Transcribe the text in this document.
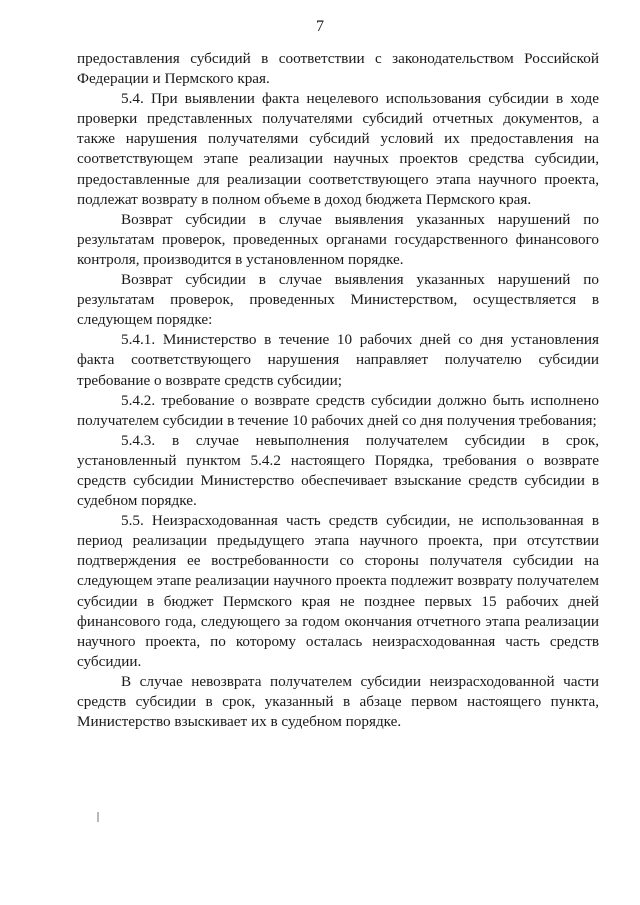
7

предоставления субсидий в соответствии с законодательством Российской Федерации и Пермского края.

5.4. При выявлении факта нецелевого использования субсидии в ходе проверки представленных получателями субсидий отчетных документов, а также нарушения получателями субсидий условий их предоставления на соответствующем этапе реализации научных проектов средства субсидии, предоставленные для реализации соответствующего этапа научного проекта, подлежат возврату в полном объеме в доход бюджета Пермского края.

Возврат субсидии в случае выявления указанных нарушений по результатам проверок, проведенных органами государственного финансового контроля, производится в установленном порядке.

Возврат субсидии в случае выявления указанных нарушений по результатам проверок, проведенных Министерством, осуществляется в следующем порядке:

5.4.1. Министерство в течение 10 рабочих дней со дня установления факта соответствующего нарушения направляет получателю субсидии требование о возврате средств субсидии;

5.4.2. требование о возврате средств субсидии должно быть исполнено получателем субсидии в течение 10 рабочих дней со дня получения требования;

5.4.3. в случае невыполнения получателем субсидии в срок, установленный пунктом 5.4.2 настоящего Порядка, требования о возврате средств субсидии Министерство обеспечивает взыскание средств субсидии в судебном порядке.

5.5. Неизрасходованная часть средств субсидии, не использованная в период реализации предыдущего этапа научного проекта, при отсутствии подтверждения ее востребованности со стороны получателя субсидии на следующем этапе реализации научного проекта подлежит возврату получателем субсидии в бюджет Пермского края не позднее первых 15 рабочих дней финансового года, следующего за годом окончания отчетного этапа реализации научного проекта, по которому осталась неизрасходованная часть средств субсидии.

В случае невозврата получателем субсидии неизрасходованной части средств субсидии в срок, указанный в абзаце первом настоящего пункта, Министерство взыскивает их в судебном порядке.
